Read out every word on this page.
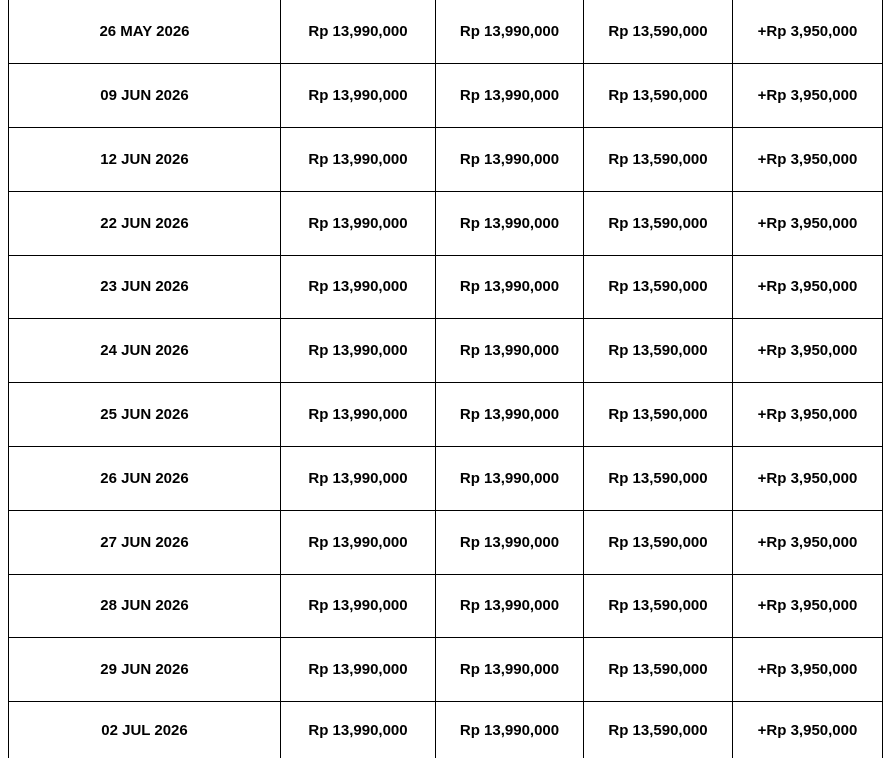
26 MAY 2026	Rp 13,990,000	Rp 13,990,000	Rp 13,590,000	+Rp 3,950,000
09 JUN 2026	Rp 13,990,000	Rp 13,990,000	Rp 13,590,000	+Rp 3,950,000
12 JUN 2026	Rp 13,990,000	Rp 13,990,000	Rp 13,590,000	+Rp 3,950,000
22 JUN 2026	Rp 13,990,000	Rp 13,990,000	Rp 13,590,000	+Rp 3,950,000
23 JUN 2026	Rp 13,990,000	Rp 13,990,000	Rp 13,590,000	+Rp 3,950,000
24 JUN 2026	Rp 13,990,000	Rp 13,990,000	Rp 13,590,000	+Rp 3,950,000
25 JUN 2026	Rp 13,990,000	Rp 13,990,000	Rp 13,590,000	+Rp 3,950,000
26 JUN 2026	Rp 13,990,000	Rp 13,990,000	Rp 13,590,000	+Rp 3,950,000
27 JUN 2026	Rp 13,990,000	Rp 13,990,000	Rp 13,590,000	+Rp 3,950,000
28 JUN 2026	Rp 13,990,000	Rp 13,990,000	Rp 13,590,000	+Rp 3,950,000
29 JUN 2026	Rp 13,990,000	Rp 13,990,000	Rp 13,590,000	+Rp 3,950,000
02 JUL 2026	Rp 13,990,000	Rp 13,990,000	Rp 13,590,000	+Rp 3,950,000
